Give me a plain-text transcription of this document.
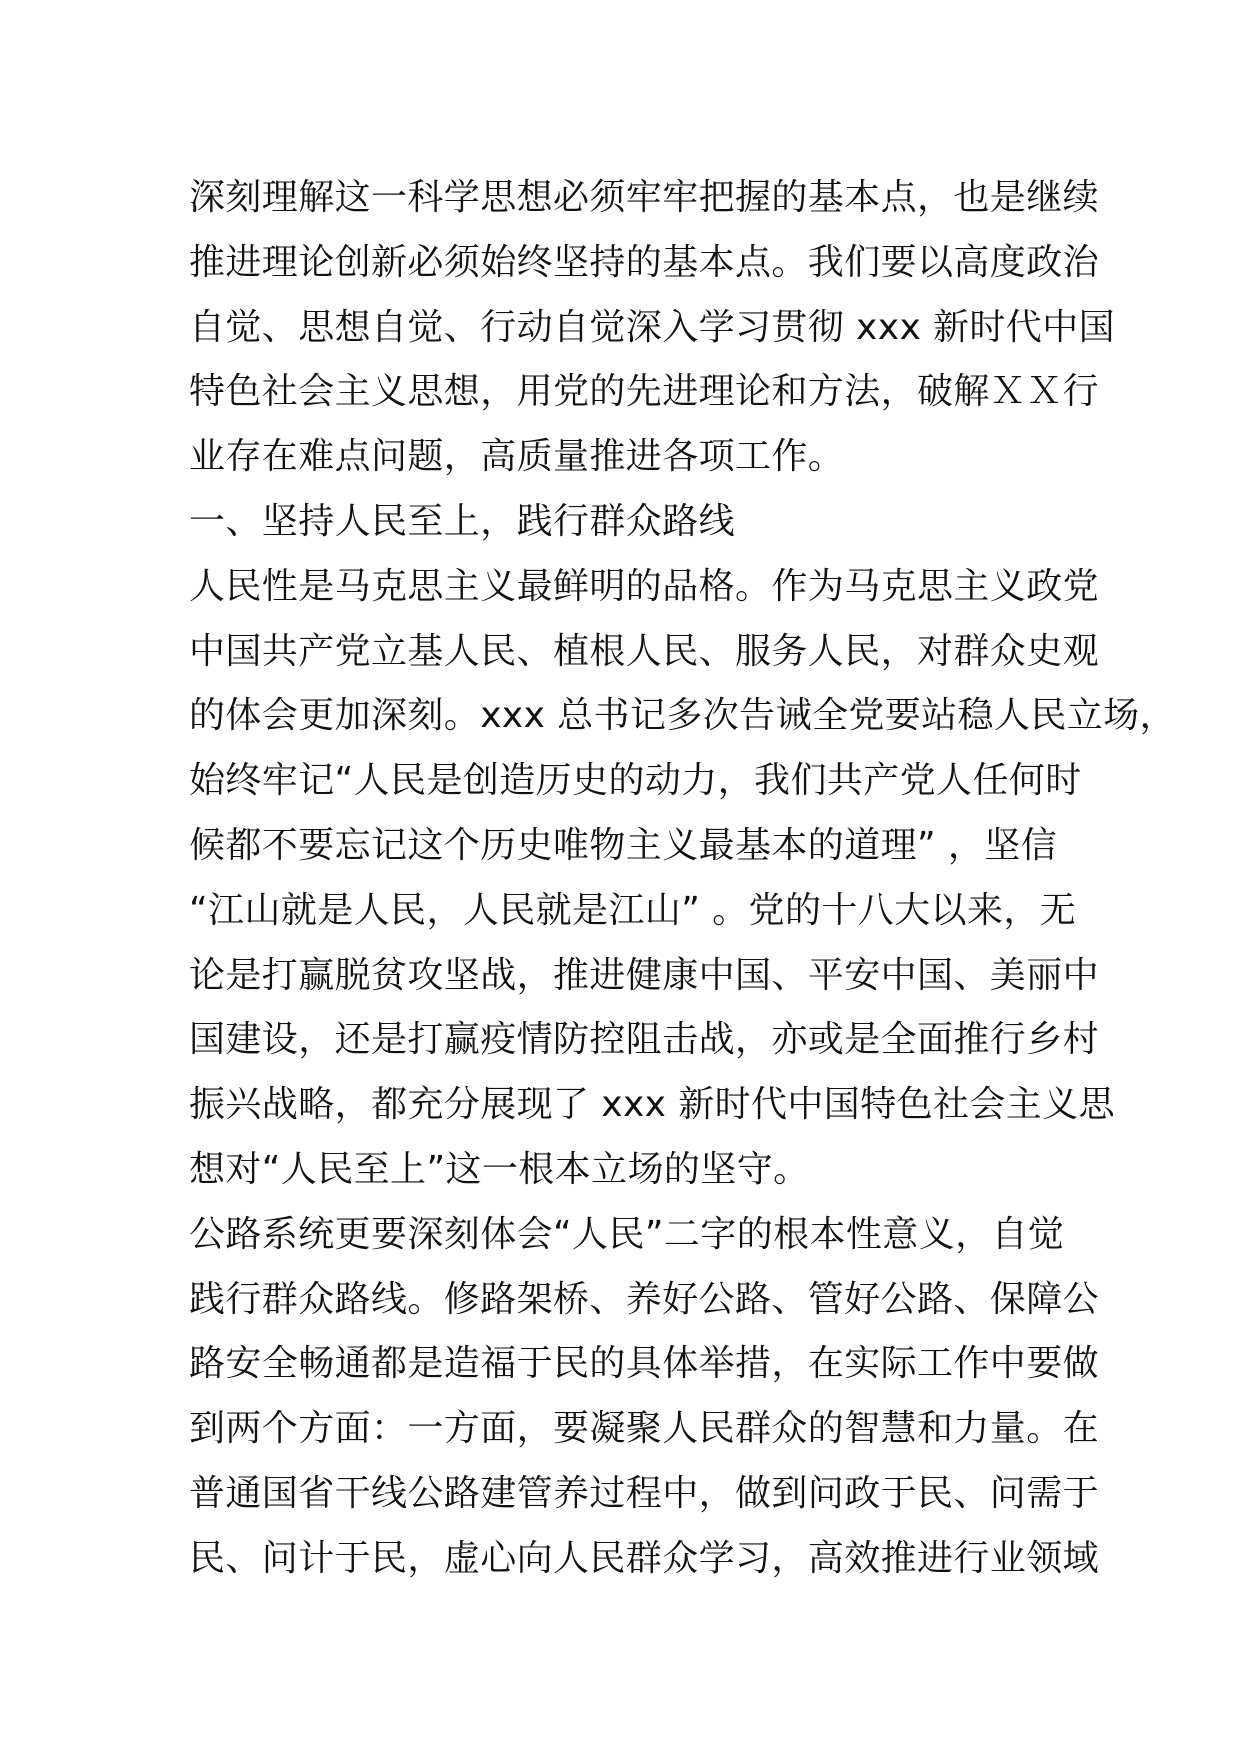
深刻理解这一科学思想必须牢牢把握的基本点，也是继续
推进理论创新必须始终坚持的基本点。我们要以高度政治
自觉、思想自觉、行动自觉深入学习贯彻 xxx 新时代中国
特色社会主义思想，用党的先进理论和方法，破解ＸＸ行
业存在难点问题，高质量推进各项工作。
一、坚持人民至上，践行群众路线
人民性是马克思主义最鲜明的品格。作为马克思主义政党
中国共产党立基人民、植根人民、服务人民，对群众史观
的体会更加深刻。xxx 总书记多次告诫全党要站稳人民立场，
始终牢记“人民是创造历史的动力，我们共产党人任何时
候都不要忘记这个历史唯物主义最基本的道理” ，坚信
“江山就是人民，人民就是江山” 。党的十八大以来，无
论是打赢脱贫攻坚战，推进健康中国、平安中国、美丽中
国建设，还是打赢疫情防控阻击战，亦或是全面推行乡村
振兴战略，都充分展现了 xxx 新时代中国特色社会主义思
想对“人民至上”这一根本立场的坚守。
公路系统更要深刻体会“人民”二字的根本性意义，自觉
践行群众路线。修路架桥、养好公路、管好公路、保障公
路安全畅通都是造福于民的具体举措，在实际工作中要做
到两个方面：一方面，要凝聚人民群众的智慧和力量。在
普通国省干线公路建管养过程中，做到问政于民、问需于
民、问计于民，虚心向人民群众学习，高效推进行业领域
